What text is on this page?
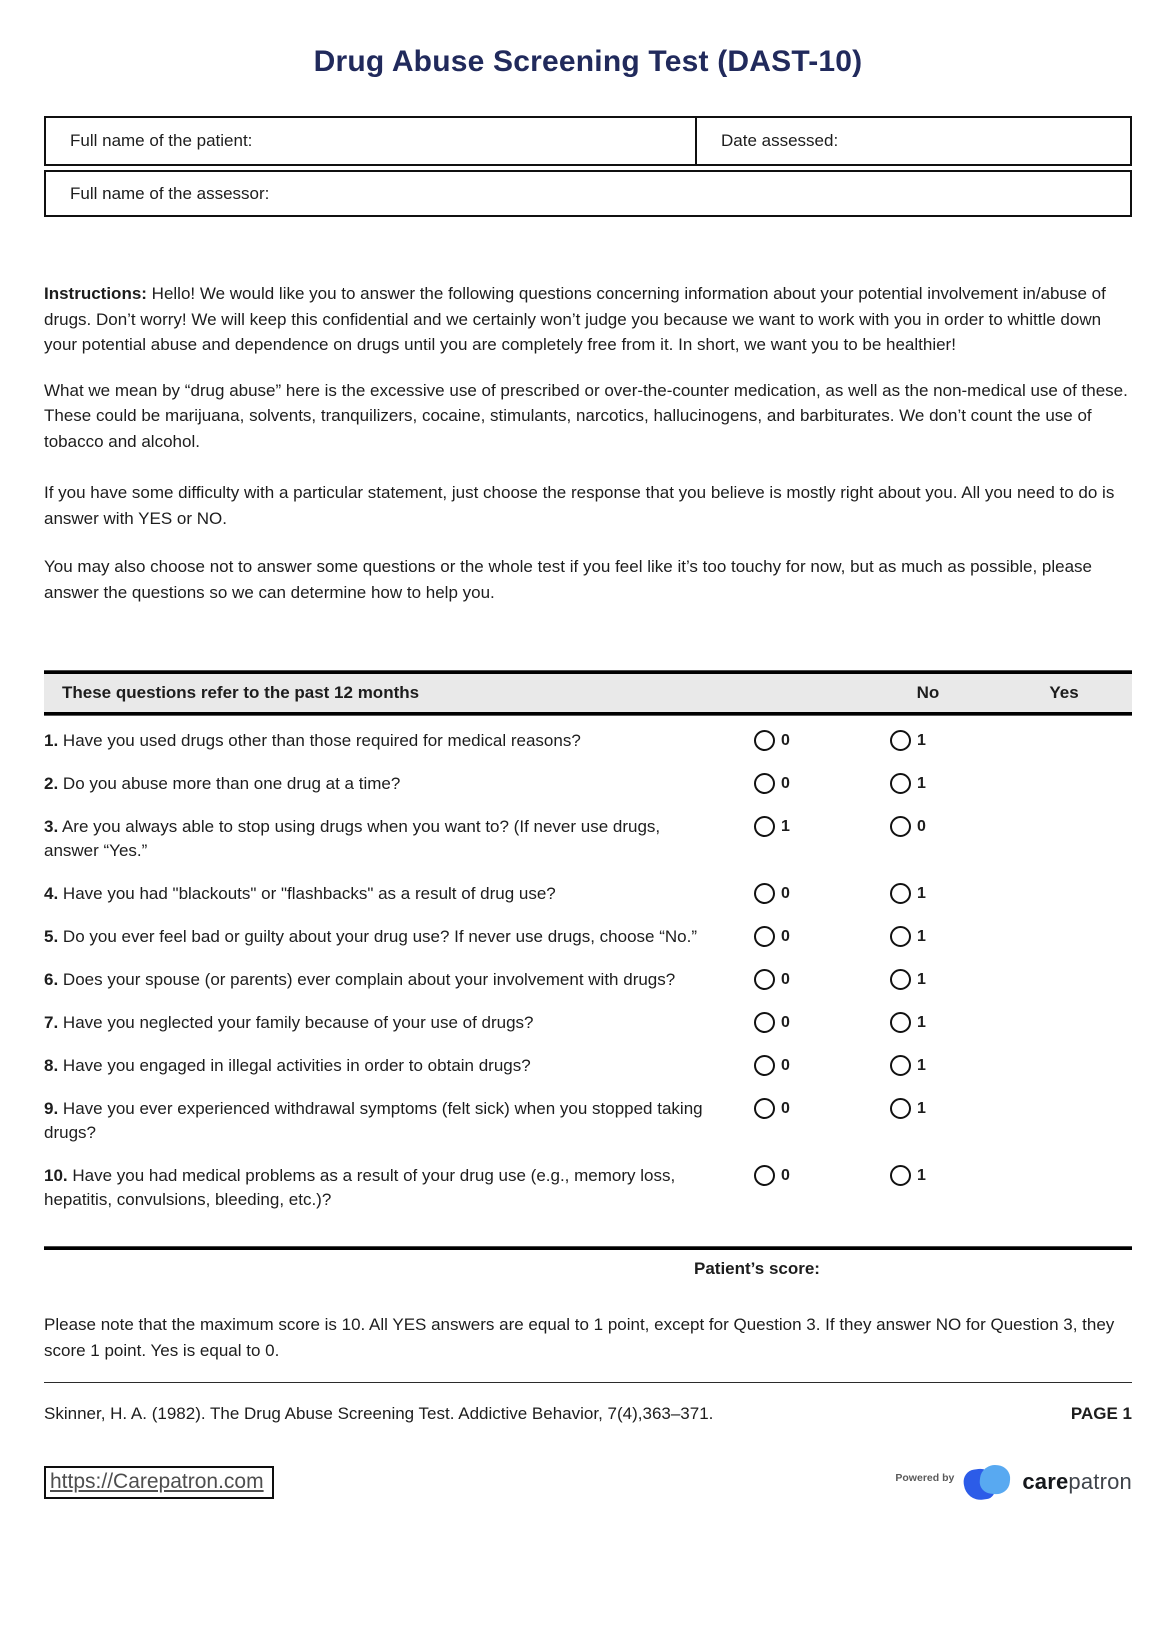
Drug Abuse Screening Test (DAST-10)
Full name of the patient:	Date assessed:
Full name of the assessor:

Instructions: Hello! We would like you to answer the following questions concerning information about your potential involvement in/abuse of drugs. Don’t worry! We will keep this confidential and we certainly won’t judge you because we want to work with you in order to whittle down your potential abuse and dependence on drugs until you are completely free from it. In short, we want you to be healthier!

What we mean by “drug abuse” here is the excessive use of prescribed or over-the-counter medication, as well as the non-medical use of these. These could be marijuana, solvents, tranquilizers, cocaine, stimulants, narcotics, hallucinogens, and barbiturates. We don’t count the use of tobacco and alcohol.

If you have some difficulty with a particular statement, just choose the response that you believe is mostly right about you. All you need to do is answer with YES or NO.

You may also choose not to answer some questions or the whole test if you feel like it’s too touchy for now, but as much as possible, please answer the questions so we can determine how to help you.

These questions refer to the past 12 months	No	Yes
1. Have you used drugs other than those required for medical reasons?	0	1
2. Do you abuse more than one drug at a time?	0	1
3. Are you always able to stop using drugs when you want to? (If never use drugs, answer “Yes.”
1	0
4. Have you had "blackouts" or "flashbacks" as a result of drug use?	0	1
5. Do you ever feel bad or guilty about your drug use? If never use drugs, choose “No.”	0	1
6. Does your spouse (or parents) ever complain about your involvement with drugs?	0	1
7. Have you neglected your family because of your use of drugs?	0	1
8. Have you engaged in illegal activities in order to obtain drugs?	0	1
9. Have you ever experienced withdrawal symptoms (felt sick) when you stopped taking drugs?
0	1
10. Have you had medical problems as a result of your drug use (e.g., memory loss, hepatitis, convulsions, bleeding, etc.)?
0	1
Patient’s score:

Please note that the maximum score is 10. All YES answers are equal to 1 point, except for Question 3. If they answer NO for Question 3, they score 1 point. Yes is equal to 0.

Skinner, H. A. (1982). The Drug Abuse Screening Test. Addictive Behavior, 7(4),363–371.	PAGE 1
https://Carepatron.com	Powered by	carepatron
